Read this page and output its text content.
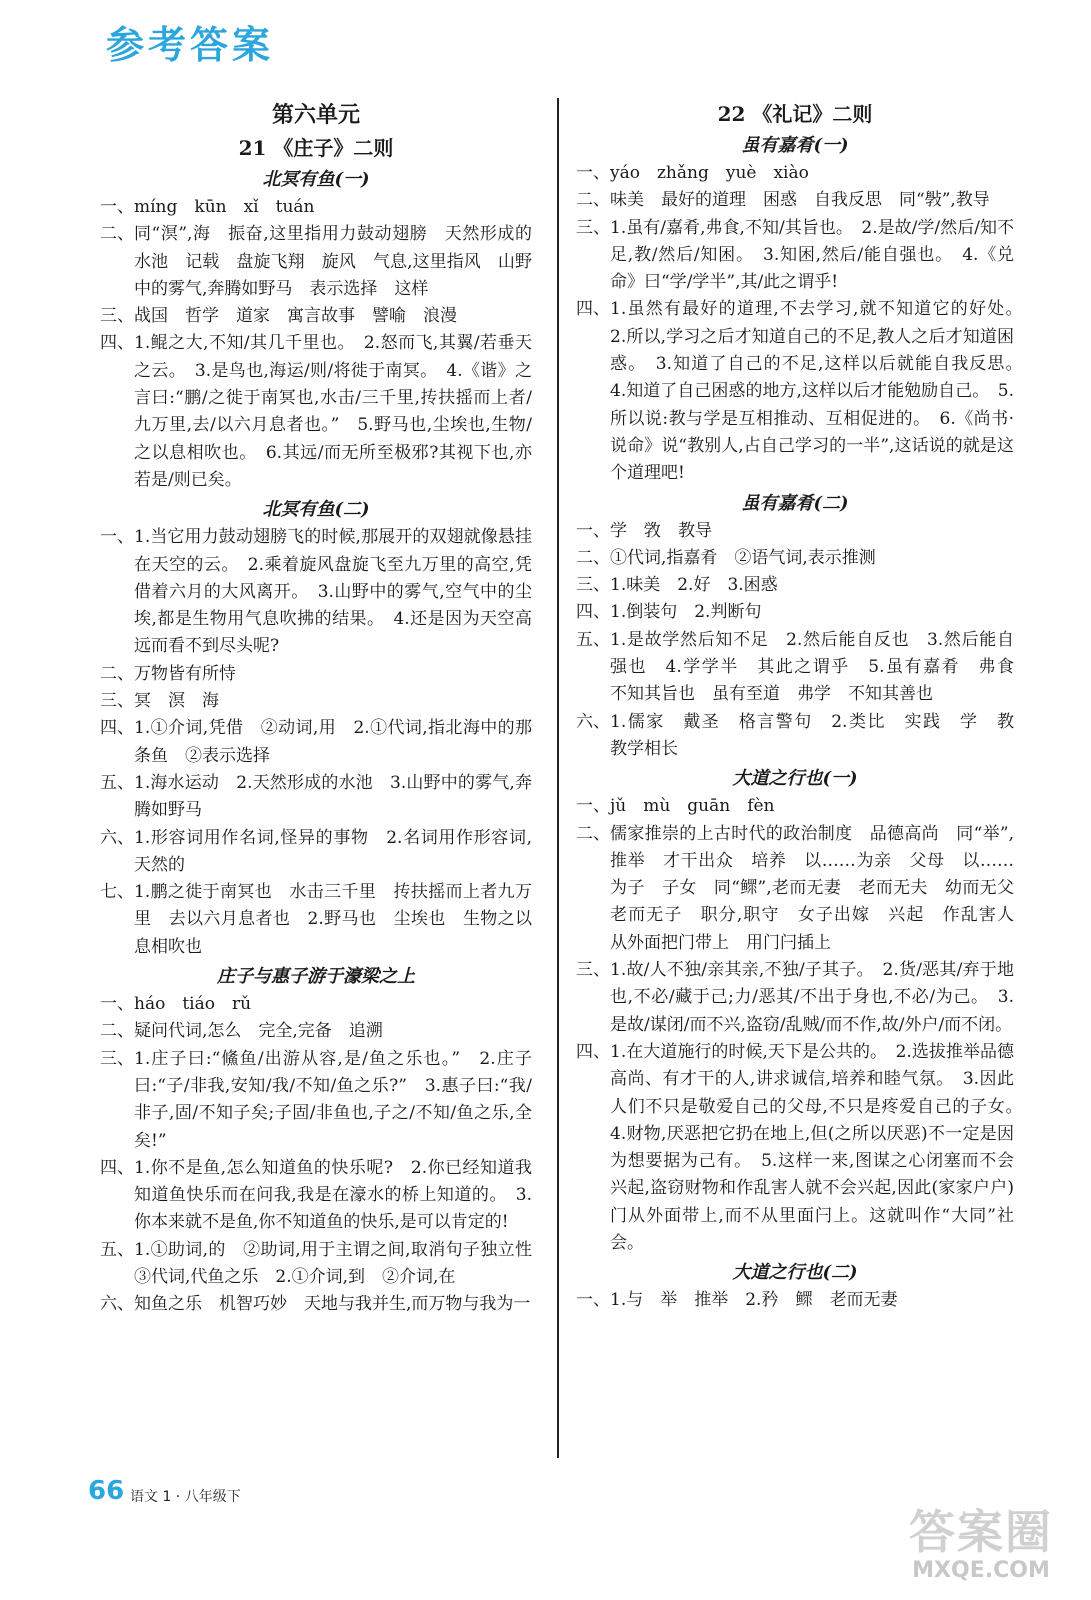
参考答案
第六单元
21 《庄子》二则
北冥有鱼(一)
一、 míng　kūn　xǐ　tuán
二、 同“溟”,海　振奋,这里指用力鼓动翅膀　天然形成的水池　记载　盘旋飞翔　旋风　气息,这里指风　山野中的雾气,奔腾如野马　表示选择　这样
三、 战国　哲学　道家　寓言故事　譬喻　浪漫
四、 1.鲲之大,不知/其几千里也。　2.怒而飞,其翼/若垂天之云。　3.是鸟也,海运/则/将徙于南冥。　4.《谐》之言曰:“鹏/之徙于南冥也,水击/三千里,抟扶摇而上者/九万里,去/以六月息者也。”　5.野马也,尘埃也,生物/之以息相吹也。　6.其远/而无所至极邪?其视下也,亦若是/则已矣。
北冥有鱼(二)
一、 1.当它用力鼓动翅膀飞的时候,那展开的双翅就像悬挂在天空的云。　2.乘着旋风盘旋飞至九万里的高空,凭借着六月的大风离开。　3.山野中的雾气,空气中的尘埃,都是生物用气息吹拂的结果。　4.还是因为天空高远而看不到尽头呢?
二、 万物皆有所恃
三、 冥　溟　海
四、 1.①介词,凭借　②动词,用　2.①代词,指北海中的那条鱼　②表示选择
五、 1.海水运动　2.天然形成的水池　3.山野中的雾气,奔腾如野马
六、 1.形容词用作名词,怪异的事物　2.名词用作形容词,天然的
七、 1.鹏之徙于南冥也　水击三千里　抟扶摇而上者九万里　去以六月息者也　2.野马也　尘埃也　生物之以息相吹也
庄子与惠子游于濠梁之上
一、 háo　tiáo　rǔ
二、 疑问代词,怎么　完全,完备　追溯
三、 1.庄子曰:“鯈鱼/出游从容,是/鱼之乐也。”　2.庄子曰:“子/非我,安知/我/不知/鱼之乐?”　3.惠子曰:“我/非子,固/不知子矣;子固/非鱼也,子之/不知/鱼之乐,全矣!”
四、 1.你不是鱼,怎么知道鱼的快乐呢?　2.你已经知道我知道鱼快乐而在问我,我是在濠水的桥上知道的。　3.你本来就不是鱼,你不知道鱼的快乐,是可以肯定的!
五、 1.①助词,的　②助词,用于主谓之间,取消句子独立性　③代词,代鱼之乐　2.①介词,到　②介词,在
六、 知鱼之乐　机智巧妙　天地与我并生,而万物与我为一
22 《礼记》二则
虽有嘉肴(一)
一、 yáo　zhǎng　yuè　xiào
二、 味美　最好的道理　困惑　自我反思　同“斅”,教导
三、 1.虽有/嘉肴,弗食,不知/其旨也。　2.是故/学/然后/知不足,教/然后/知困。　3.知困,然后/能自强也。　4.《兑命》曰“学/学半”,其/此之谓乎!
四、 1.虽然有最好的道理,不去学习,就不知道它的好处。　2.所以,学习之后才知道自己的不足,教人之后才知道困惑。　3.知道了自己的不足,这样以后就能自我反思。　4.知道了自己困惑的地方,这样以后才能勉励自己。　5.所以说:教与学是互相推动、互相促进的。　6.《尚书·说命》说“教别人,占自己学习的一半”,这话说的就是这个道理吧!
虽有嘉肴(二)
一、 学　敩　教导
二、 ①代词,指嘉肴　②语气词,表示推测
三、 1.味美　2.好　3.困惑
四、 1.倒装句　2.判断句
五、 1.是故学然后知不足　2.然后能自反也　3.然后能自强也　4.学学半　其此之谓乎　5.虽有嘉肴　弗食　不知其旨也　虽有至道　弗学　不知其善也
六、 1.儒家　戴圣　格言警句　2.类比　实践　学　教　教学相长
大道之行也(一)
一、 jǔ　mù　guān　fèn
二、 儒家推崇的上古时代的政治制度　品德高尚　同“举”,推举　才干出众　培养　以……为亲　父母　以……为子　子女　同“鳏”,老而无妻　老而无夫　幼而无父　老而无子　职分,职守　女子出嫁　兴起　作乱害人　从外面把门带上　用门闩插上
三、 1.故/人不独/亲其亲,不独/子其子。　2.货/恶其/弃于地也,不必/藏于己;力/恶其/不出于身也,不必/为己。　3.是故/谋闭/而不兴,盗窃/乱贼/而不作,故/外户/而不闭。
四、 1.在大道施行的时候,天下是公共的。　2.选拔推举品德高尚、有才干的人,讲求诚信,培养和睦气氛。　3.因此人们不只是敬爱自己的父母,不只是疼爱自己的子女。　4.财物,厌恶把它扔在地上,但(之所以厌恶)不一定是因为想要据为己有。　5.这样一来,图谋之心闭塞而不会兴起,盗窃财物和作乱害人就不会兴起,因此(家家户户)门从外面带上,而不从里面闩上。这就叫作“大同”社会。
大道之行也(二)
一、 1.与　举　推举　2.矜　鳏　老而无妻
66 语文 1 · 八年级下
答案圈
MXQE.COM
